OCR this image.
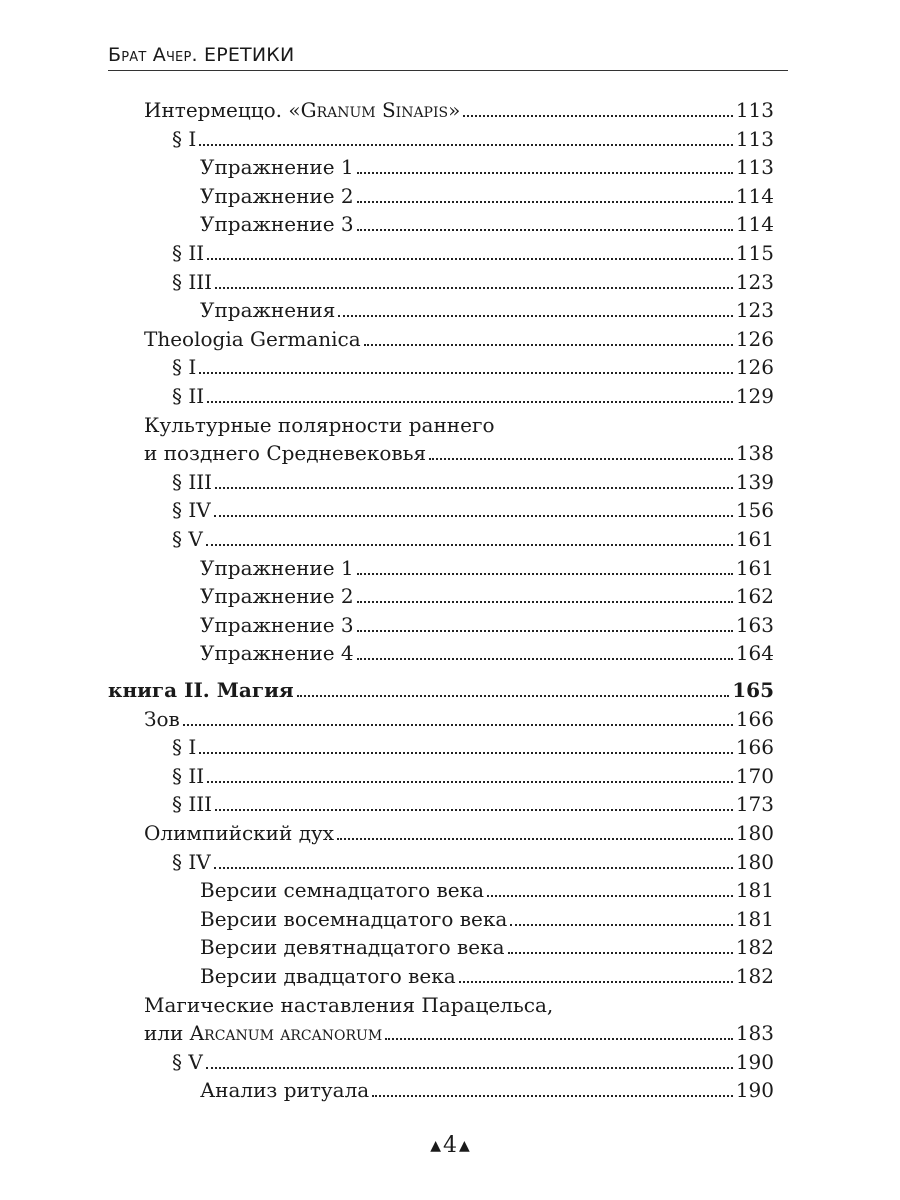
Брат Ачер. ЕРЕТИКИ
Интермеццо. «Granum Sinapis»	113
§ I	113
Упражнение 1	113
Упражнение 2	114
Упражнение 3	114
§ II	115
§ III	123
Упражнения	123
Theologia Germanica	126
§ I	126
§ II	129
Культурные полярности раннего
и позднего Средневековья	138
§ III	139
§ IV	156
§ V	161
Упражнение 1	161
Упражнение 2	162
Упражнение 3	163
Упражнение 4	164
книга II. Магия	165
Зов	166
§ I	166
§ II	170
§ III	173
Олимпийский дух	180
§ IV	180
Версии семнадцатого века	181
Версии восемнадцатого века	181
Версии девятнадцатого века	182
Версии двадцатого века	182
Магические наставления Парацельса,
или Arcanum arcanorum	183
§ V	190
Анализ ритуала	190
▲4 ▲
